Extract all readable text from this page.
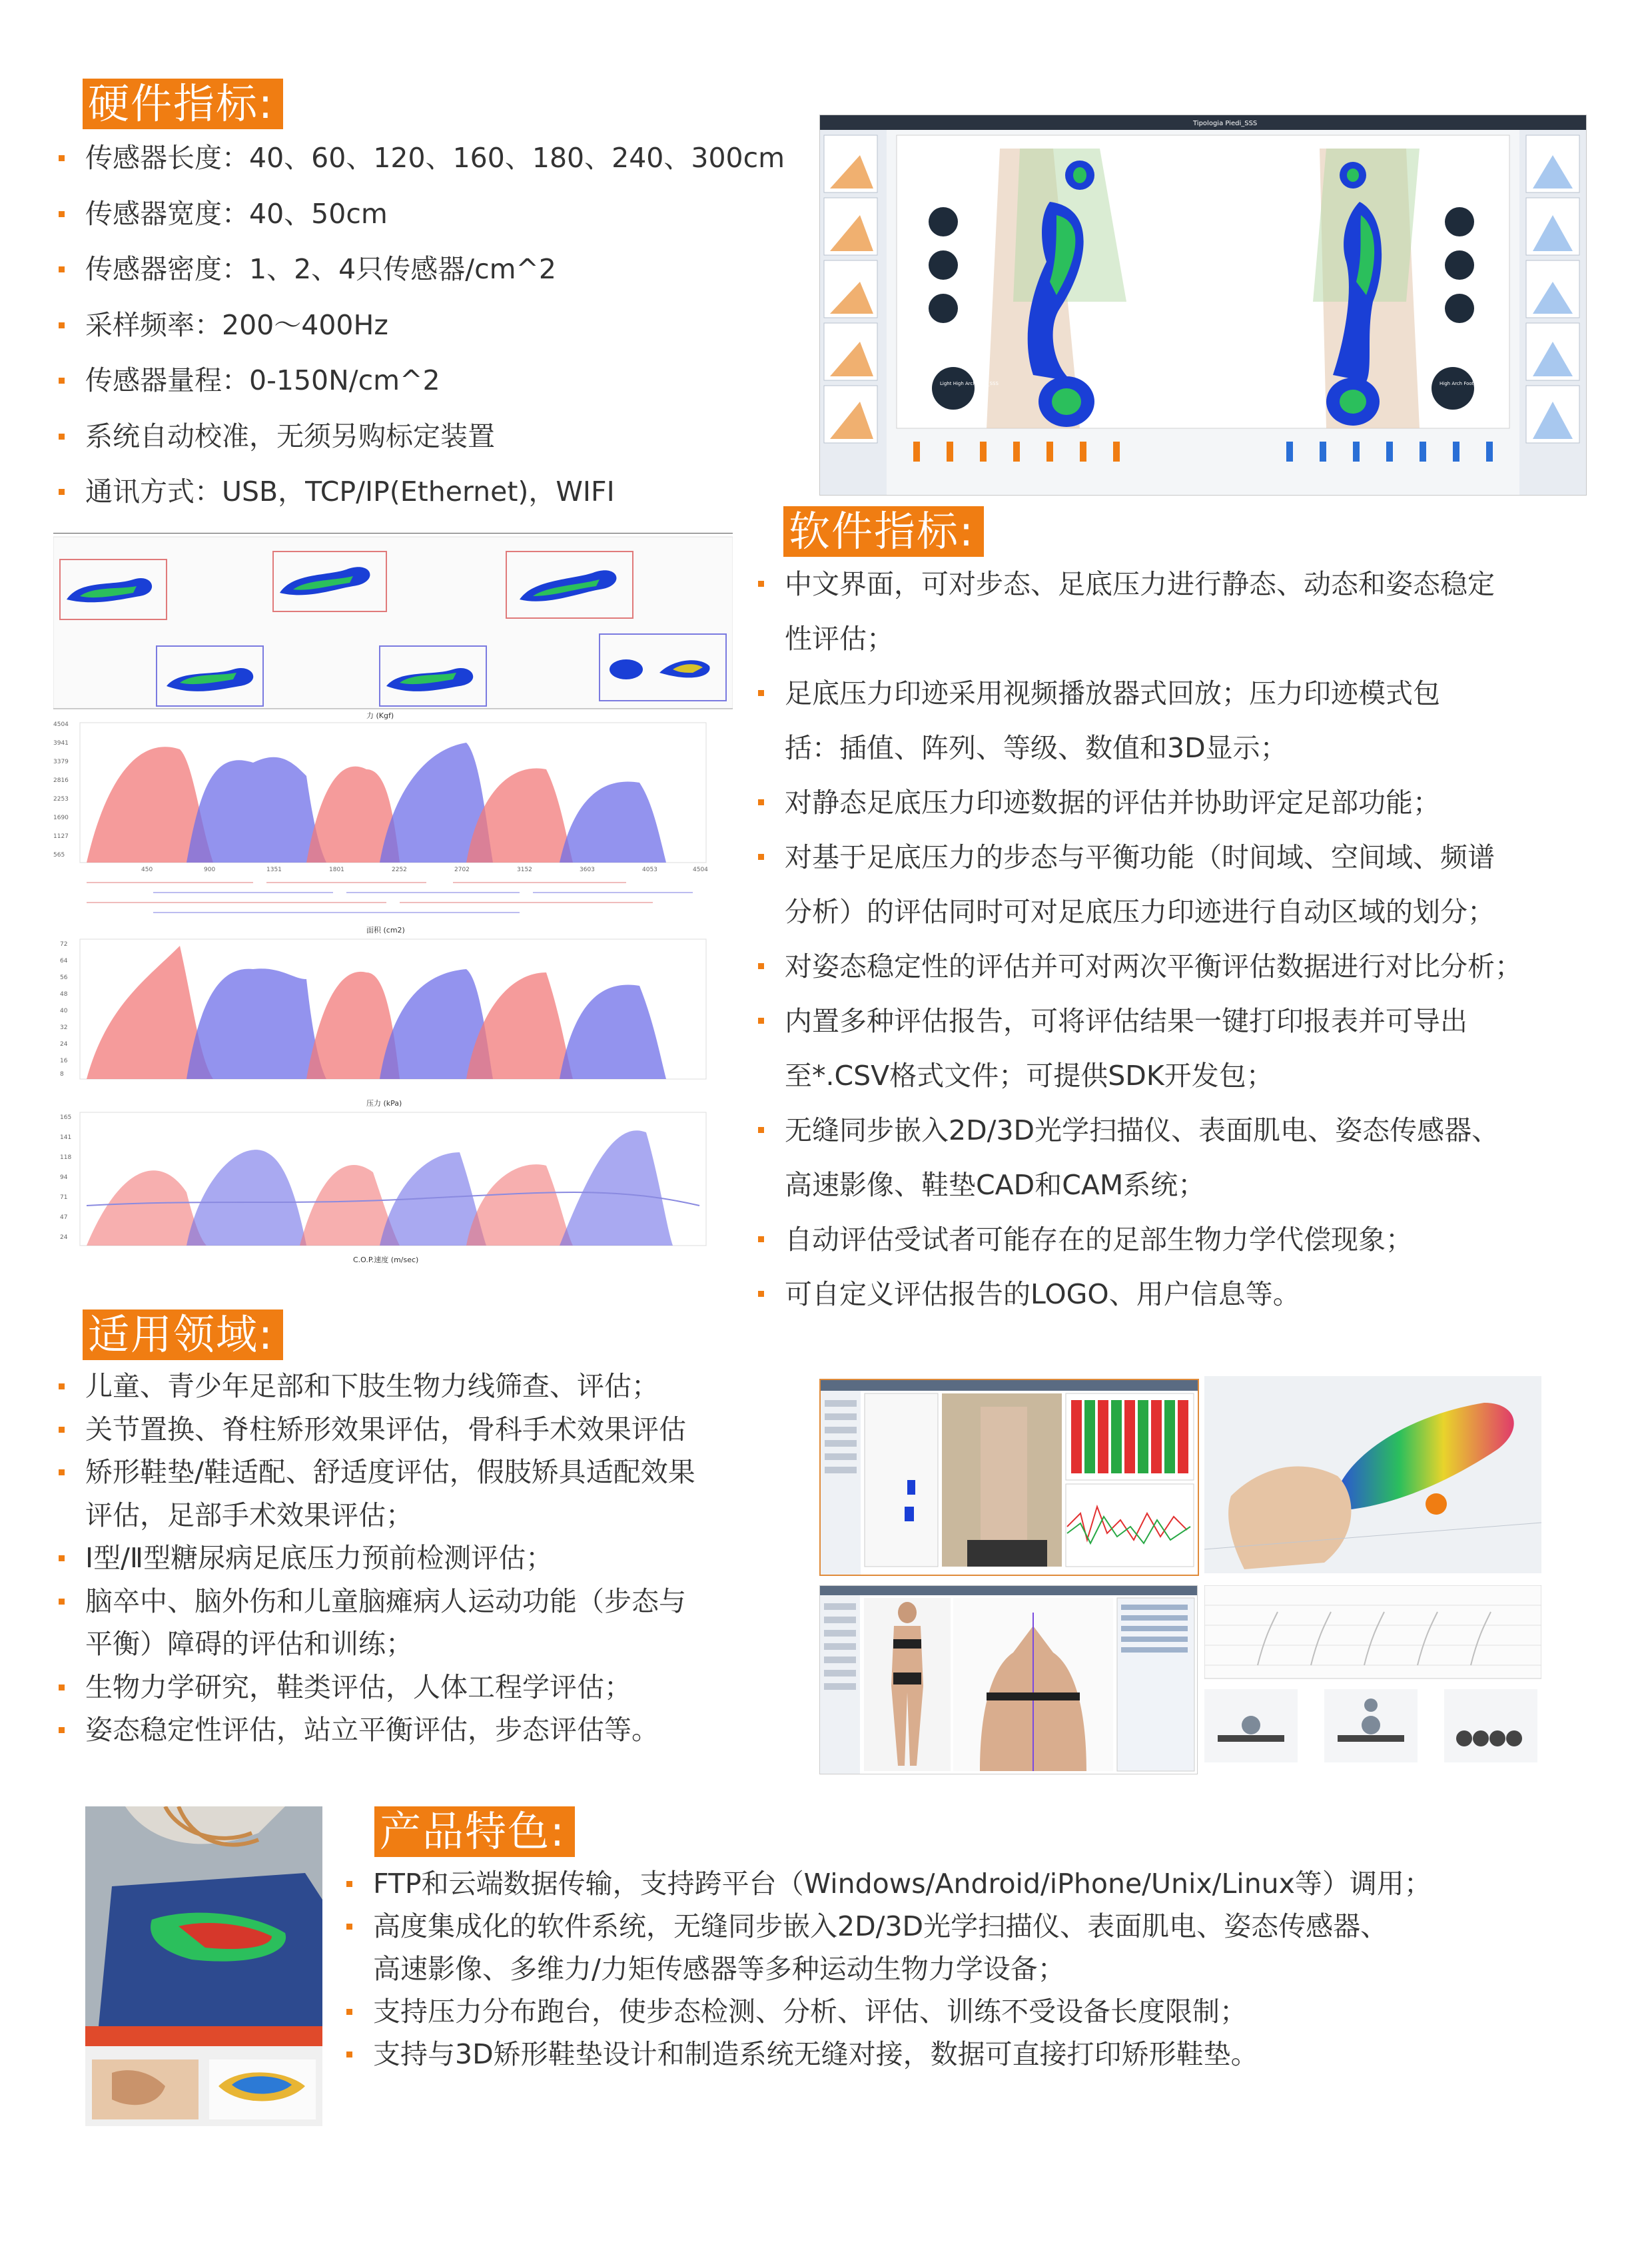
硬件指标:
传感器长度：40、60、120、160、180、240、300cm
传感器宽度：40、50cm
传感器密度：1、2、4只传感器/cm^2
采样频率：200～400Hz
传感器量程：0-150N/cm^2
系统自动校准，无须另购标定装置
通讯方式：USB，TCP/IP(Ethernet)，WIFI
Tipologia Piedi_SSS
Light High Arch Foot_SSS	High Arch Foot_SSS
力 (Kgf)
4504
3941
3379
2816
2253
1690
1127
565
450	900	1351	1801	2252	2702	3152	3603	4053	4504
面积 (cm2)
72
64
56
48
40
32
24
16
8
压力 (kPa)
165
141
118
94
71
47
24
C.O.P.速度 (m/sec)
软件指标:
中文界面，可对步态、足底压力进行静态、动态和姿态稳定
性评估；
足底压力印迹采用视频播放器式回放；压力印迹模式包
括：插值、阵列、等级、数值和3D显示；
对静态足底压力印迹数据的评估并协助评定足部功能；
对基于足底压力的步态与平衡功能（时间域、空间域、频谱
分析）的评估同时可对足底压力印迹进行自动区域的划分；
对姿态稳定性的评估并可对两次平衡评估数据进行对比分析；
内置多种评估报告，可将评估结果一键打印报表并可导出
至*.CSV格式文件；可提供SDK开发包；
无缝同步嵌入2D/3D光学扫描仪、表面肌电、姿态传感器、
高速影像、鞋垫CAD和CAM系统；
自动评估受试者可能存在的足部生物力学代偿现象；
可自定义评估报告的LOGO、用户信息等。
适用领域:
儿童、青少年足部和下肢生物力线筛查、评估；
关节置换、脊柱矫形效果评估，骨科手术效果评估
矫形鞋垫/鞋适配、舒适度评估，假肢矫具适配效果
评估，足部手术效果评估；
Ⅰ型/Ⅱ型糖尿病足底压力预前检测评估；
脑卒中、脑外伤和儿童脑瘫病人运动功能（步态与
平衡）障碍的评估和训练；
生物力学研究，鞋类评估，人体工程学评估；
姿态稳定性评估，站立平衡评估，步态评估等。
产品特色:
FTP和云端数据传输，支持跨平台（Windows/Android/iPhone/Unix/Linux等）调用；
高度集成化的软件系统，无缝同步嵌入2D/3D光学扫描仪、表面肌电、姿态传感器、
高速影像、多维力/力矩传感器等多种运动生物力学设备；
支持压力分布跑台，使步态检测、分析、评估、训练不受设备长度限制；
支持与3D矫形鞋垫设计和制造系统无缝对接，数据可直接打印矫形鞋垫。
